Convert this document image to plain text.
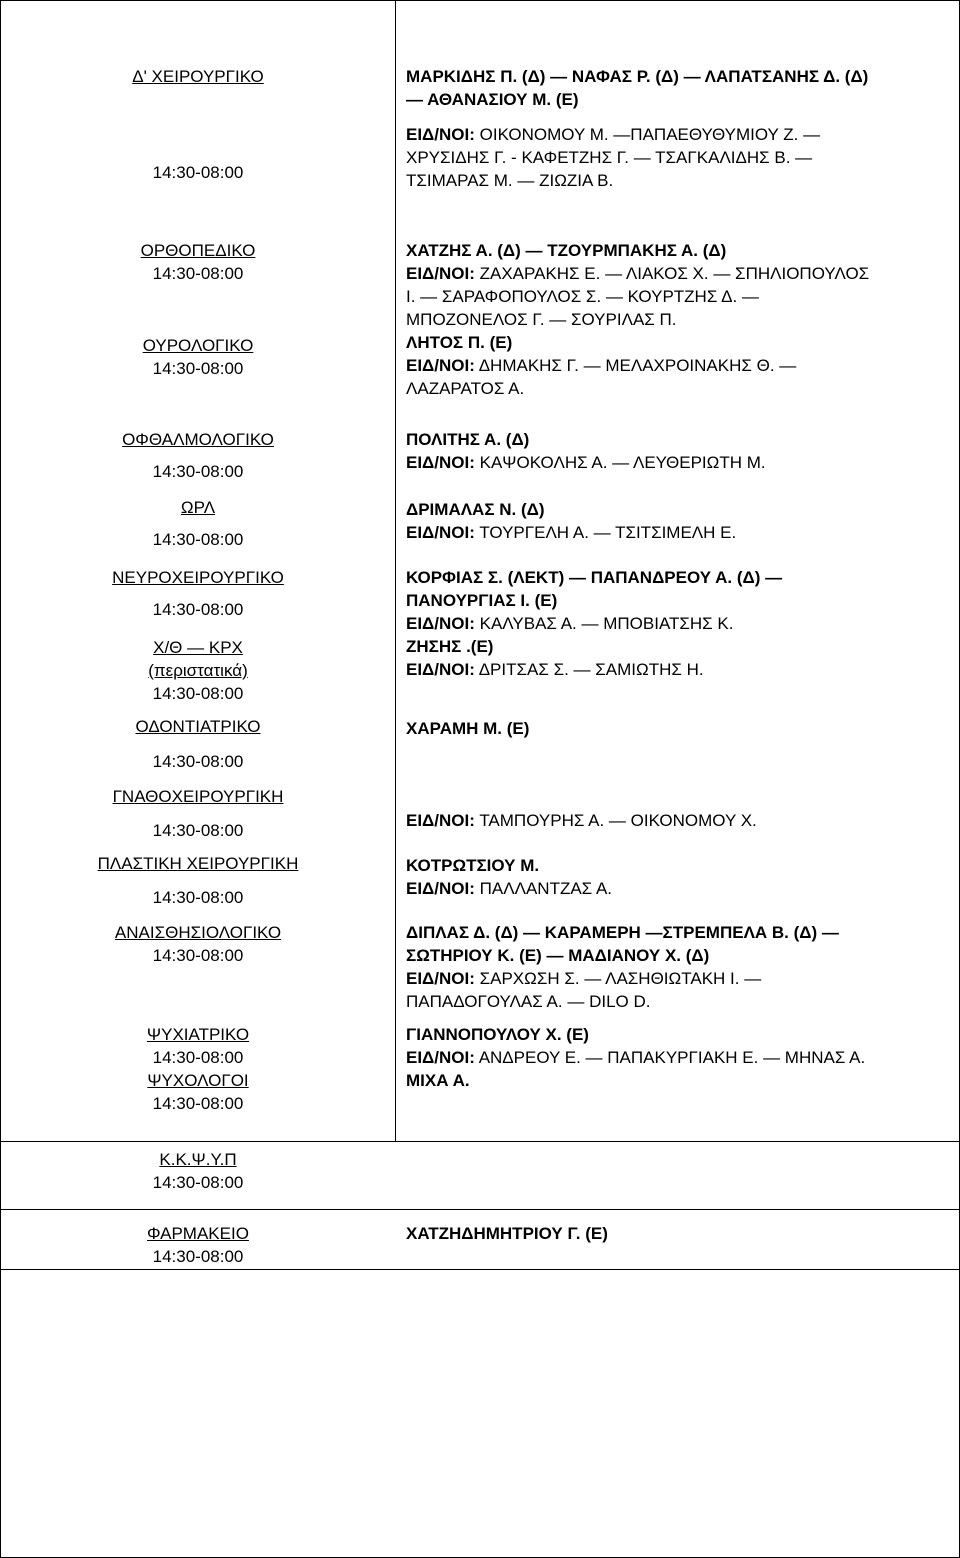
Δ' ΧΕΙΡΟΥΡΓΙΚΟ
14:30-08:00
ΟΡΘΟΠΕΔΙΚΟ
14:30-08:00
ΟΥΡΟΛΟΓΙΚΟ
14:30-08:00
ΟΦΘΑΛΜΟΛΟΓΙΚΟ
14:30-08:00
ΩΡΛ
14:30-08:00
ΝΕΥΡΟΧΕΙΡΟΥΡΓΙΚΟ
14:30-08:00
Χ/Θ — ΚΡΧ
(περιστατικά)
14:30-08:00
ΟΔΟΝΤΙΑΤΡΙΚΟ
14:30-08:00
ΓΝΑΘΟΧΕΙΡΟΥΡΓΙΚΗ
14:30-08:00
ΠΛΑΣΤΙΚΗ ΧΕΙΡΟΥΡΓΙΚΗ
14:30-08:00
ΑΝΑΙΣΘΗΣΙΟΛΟΓΙΚΟ
14:30-08:00
ΨΥΧΙΑΤΡΙΚΟ
14:30-08:00
ΨΥΧΟΛΟΓΟΙ
14:30-08:00
Κ.Κ.Ψ.Υ.Π
14:30-08:00
ΦΑΡΜΑΚΕΙΟ
14:30-08:00
ΜΑΡΚΙΔΗΣ Π. (Δ) — ΝΑΦΑΣ Ρ. (Δ) — ΛΑΠΑΤΣΑΝΗΣ Δ. (Δ)
— ΑΘΑΝΑΣΙΟΥ Μ. (Ε)
ΕΙΔ/ΝΟΙ: ΟΙΚΟΝΟΜΟΥ Μ. —ΠΑΠΑΕΘΥΘΥΜΙΟΥ Ζ. —
ΧΡΥΣΙΔΗΣ Γ. - ΚΑΦΕΤΖΗΣ Γ. — ΤΣΑΓΚΑΛΙΔΗΣ Β. —
ΤΣΙΜΑΡΑΣ Μ. — ΖΙΩΖΙΑ Β.
ΧΑΤΖΗΣ Α. (Δ) — ΤΖΟΥΡΜΠΑΚΗΣ Α. (Δ)
ΕΙΔ/ΝΟΙ: ΖΑΧΑΡΑΚΗΣ Ε. — ΛΙΑΚΟΣ Χ. — ΣΠΗΛΙΟΠΟΥΛΟΣ
Ι. — ΣΑΡΑΦΟΠΟΥΛΟΣ Σ. — ΚΟΥΡΤΖΗΣ Δ. —
ΜΠΟΖΟΝΕΛΟΣ Γ. — ΣΟΥΡΙΛΑΣ Π.
ΛΗΤΟΣ Π. (Ε)
ΕΙΔ/ΝΟΙ: ΔΗΜΑΚΗΣ Γ. — ΜΕΛΑΧΡΟΙΝΑΚΗΣ Θ. —
ΛΑΖΑΡΑΤΟΣ Α.
ΠΟΛΙΤΗΣ Α. (Δ)
ΕΙΔ/ΝΟΙ: ΚΑΨΟΚΟΛΗΣ Α. — ΛΕΥΘΕΡΙΩΤΗ Μ.
ΔΡΙΜΑΛΑΣ Ν. (Δ)
ΕΙΔ/ΝΟΙ: ΤΟΥΡΓΕΛΗ Α. — ΤΣΙΤΣΙΜΕΛΗ Ε.
ΚΟΡΦΙΑΣ Σ. (ΛΕΚΤ) — ΠΑΠΑΝΔΡΕΟΥ Α. (Δ) —
ΠΑΝΟΥΡΓΙΑΣ Ι. (Ε)
ΕΙΔ/ΝΟΙ: ΚΑΛΥΒΑΣ Α. — ΜΠΟΒΙΑΤΣΗΣ Κ.
ΖΗΣΗΣ .(Ε)
ΕΙΔ/ΝΟΙ: ΔΡΙΤΣΑΣ Σ. — ΣΑΜΙΩΤΗΣ Η.
ΧΑΡΑΜΗ Μ. (Ε)
ΕΙΔ/ΝΟΙ: ΤΑΜΠΟΥΡΗΣ Α. — ΟΙΚΟΝΟΜΟΥ Χ.
ΚΟΤΡΩΤΣΙΟΥ Μ.
ΕΙΔ/ΝΟΙ: ΠΑΛΛΑΝΤΖΑΣ Α.
ΔΙΠΛΑΣ Δ. (Δ) — ΚΑΡΑΜΕΡΗ —ΣΤΡΕΜΠΕΛΑ Β. (Δ) —
ΣΩΤΗΡΙΟΥ Κ. (Ε) — ΜΑΔΙΑΝΟΥ Χ. (Δ)
ΕΙΔ/ΝΟΙ: ΣΑΡΧΩΣΗ Σ. — ΛΑΣΗΘΙΩΤΑΚΗ Ι. —
ΠΑΠΑΔΟΓΟΥΛΑΣ Α. — DILO D.
ΓΙΑΝΝΟΠΟΥΛΟΥ Χ. (Ε)
ΕΙΔ/ΝΟΙ: ΑΝΔΡΕΟΥ Ε. — ΠΑΠΑΚΥΡΓΙΑΚΗ Ε. — ΜΗΝΑΣ Α.
ΜΙΧΑ Α.
ΧΑΤΖΗΔΗΜΗΤΡΙΟΥ Γ. (Ε)
